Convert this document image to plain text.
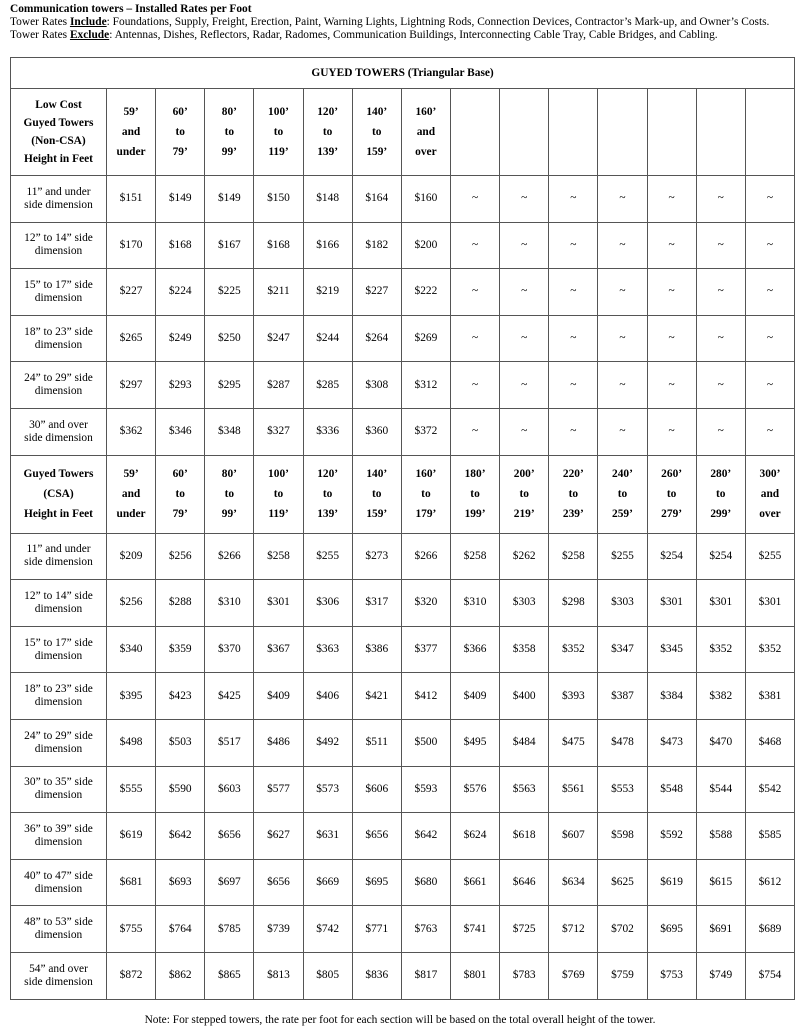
Communication towers – Installed Rates per Foot
Tower Rates Include: Foundations, Supply, Freight, Erection, Paint, Warning Lights, Lightning Rods, Connection Devices, Contractor’s Mark-up, and Owner’s Costs.
Tower Rates Exclude: Antennas, Dishes, Reflectors, Radar, Radomes, Communication Buildings, Interconnecting Cable Tray, Cable Bridges, and Cabling.
GUYED TOWERS (Triangular Base)														
Low Cost
Guyed Towers
(Non-CSA)
Height in Feet	59’
and
under	60’
to
79’	80’
to
99’	100’
to
119’	120’
to
139’	140’
to
159’	160’
and
over							
11” and under
side dimension	$151	$149	$149	$150	$148	$164	$160	~	~	~	~	~	~	~
12” to 14” side
dimension	$170	$168	$167	$168	$166	$182	$200	~	~	~	~	~	~	~
15” to 17” side
dimension	$227	$224	$225	$211	$219	$227	$222	~	~	~	~	~	~	~
18” to 23” side
dimension	$265	$249	$250	$247	$244	$264	$269	~	~	~	~	~	~	~
24” to 29” side
dimension	$297	$293	$295	$287	$285	$308	$312	~	~	~	~	~	~	~
30” and over
side dimension	$362	$346	$348	$327	$336	$360	$372	~	~	~	~	~	~	~
Guyed Towers
(CSA)
Height in Feet	59’
and
under	60’
to
79’	80’
to
99’	100’
to
119’	120’
to
139’	140’
to
159’	160’
to
179’	180’
to
199’	200’
to
219’	220’
to
239’	240’
to
259’	260’
to
279’	280’
to
299’	300’
and
over
11” and under
side dimension	$209	$256	$266	$258	$255	$273	$266	$258	$262	$258	$255	$254	$254	$255
12” to 14” side
dimension	$256	$288	$310	$301	$306	$317	$320	$310	$303	$298	$303	$301	$301	$301
15” to 17” side
dimension	$340	$359	$370	$367	$363	$386	$377	$366	$358	$352	$347	$345	$352	$352
18” to 23” side
dimension	$395	$423	$425	$409	$406	$421	$412	$409	$400	$393	$387	$384	$382	$381
24” to 29” side
dimension	$498	$503	$517	$486	$492	$511	$500	$495	$484	$475	$478	$473	$470	$468
30” to 35” side
dimension	$555	$590	$603	$577	$573	$606	$593	$576	$563	$561	$553	$548	$544	$542
36” to 39” side
dimension	$619	$642	$656	$627	$631	$656	$642	$624	$618	$607	$598	$592	$588	$585
40” to 47” side
dimension	$681	$693	$697	$656	$669	$695	$680	$661	$646	$634	$625	$619	$615	$612
48” to 53” side
dimension	$755	$764	$785	$739	$742	$771	$763	$741	$725	$712	$702	$695	$691	$689
54” and over
side dimension	$872	$862	$865	$813	$805	$836	$817	$801	$783	$769	$759	$753	$749	$754
Note: For stepped towers, the rate per foot for each section will be based on the total overall height of the tower.
